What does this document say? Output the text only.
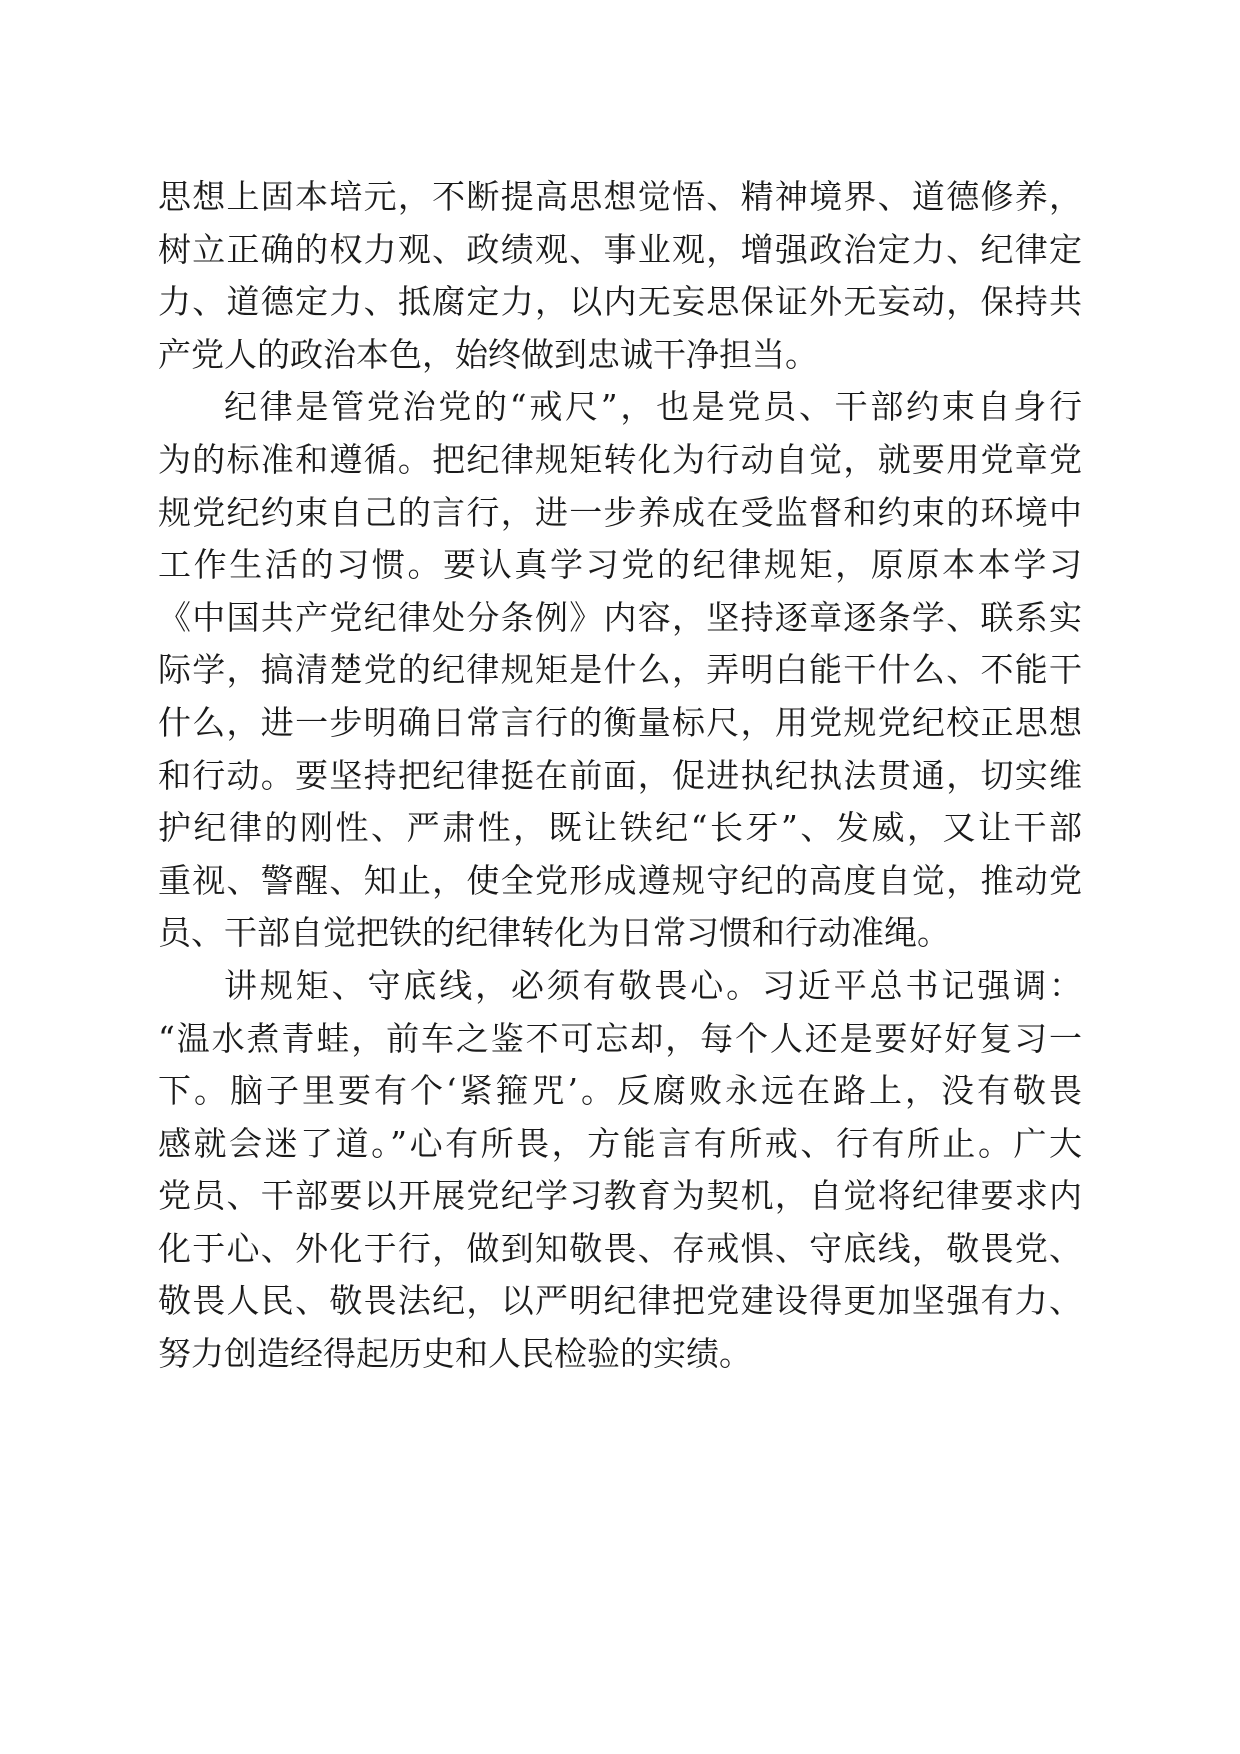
思想上固本培元，不断提高思想觉悟、精神境界、道德修养，
树立正确的权力观、政绩观、事业观，增强政治定力、纪律定
力、道德定力、抵腐定力，以内无妄思保证外无妄动，保持共
产党人的政治本色，始终做到忠诚干净担当。
纪律是管党治党的“戒尺”，也是党员、干部约束自身行
为的标准和遵循。把纪律规矩转化为行动自觉，就要用党章党
规党纪约束自己的言行，进一步养成在受监督和约束的环境中
工作生活的习惯。要认真学习党的纪律规矩，原原本本学习
《中国共产党纪律处分条例》内容，坚持逐章逐条学、联系实
际学，搞清楚党的纪律规矩是什么，弄明白能干什么、不能干
什么，进一步明确日常言行的衡量标尺，用党规党纪校正思想
和行动。要坚持把纪律挺在前面，促进执纪执法贯通，切实维
护纪律的刚性、严肃性，既让铁纪“长牙”、发威，又让干部
重视、警醒、知止，使全党形成遵规守纪的高度自觉，推动党
员、干部自觉把铁的纪律转化为日常习惯和行动准绳。
讲规矩、守底线，必须有敬畏心。习近平总书记强调：
“温水煮青蛙，前车之鉴不可忘却，每个人还是要好好复习一
下。脑子里要有个‘紧箍咒’。反腐败永远在路上，没有敬畏
感就会迷了道。”心有所畏，方能言有所戒、行有所止。广大
党员、干部要以开展党纪学习教育为契机，自觉将纪律要求内
化于心、外化于行，做到知敬畏、存戒惧、守底线，敬畏党、
敬畏人民、敬畏法纪，以严明纪律把党建设得更加坚强有力、
努力创造经得起历史和人民检验的实绩。
